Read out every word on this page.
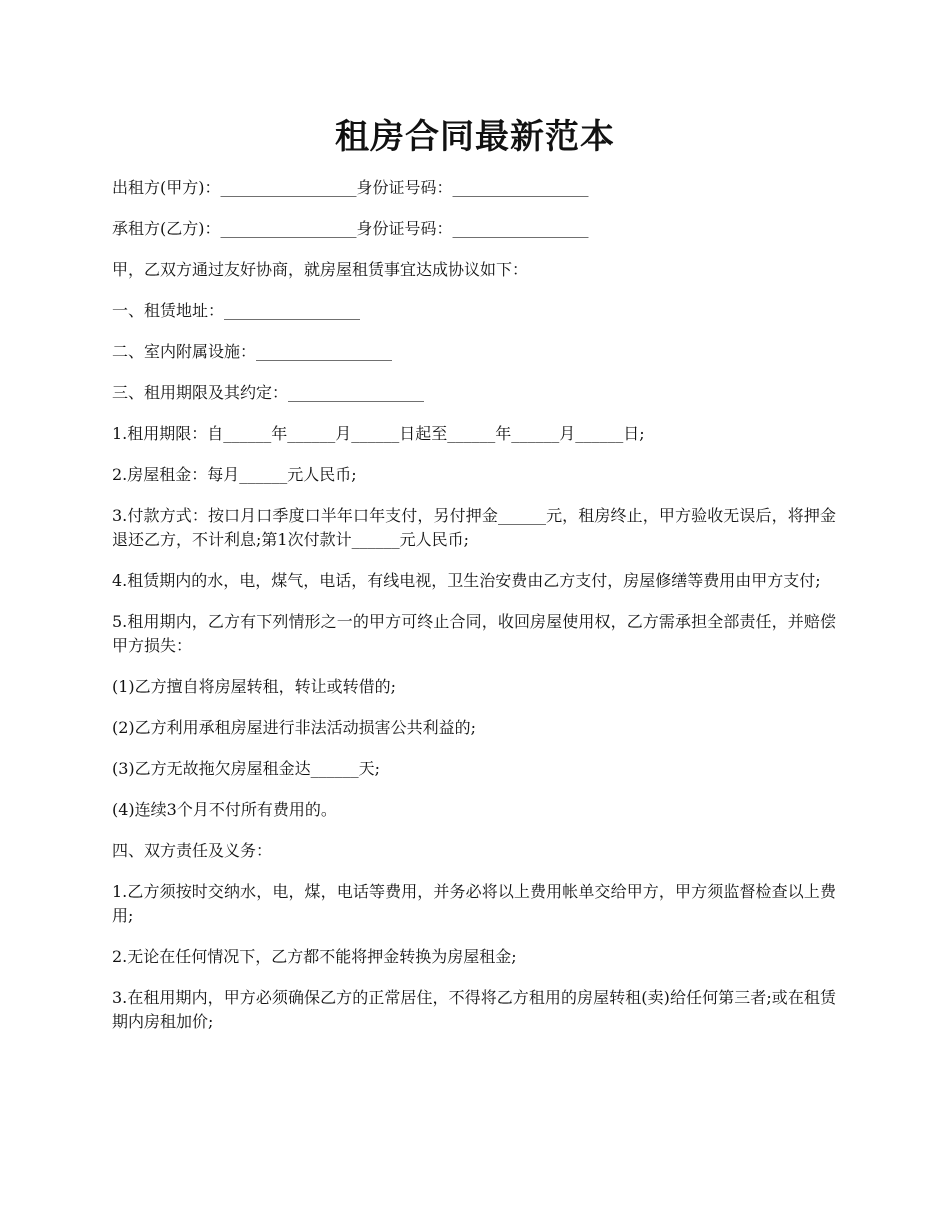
租房合同最新范本

出租方(甲方)：_________________身份证号码：_________________

承租方(乙方)：_________________身份证号码：_________________

甲，乙双方通过友好协商，就房屋租赁事宜达成协议如下：

一、租赁地址：_________________

二、室内附属设施：_________________

三、租用期限及其约定：_________________

1.租用期限：自______年______月______日起至______年______月______日;

2.房屋租金：每月______元人民币;

3.付款方式：按口月口季度口半年口年支付，另付押金______元，租房终止，甲方验收无误后，将押金退还乙方，不计利息;第1次付款计______元人民币;

4.租赁期内的水，电，煤气，电话，有线电视，卫生治安费由乙方支付，房屋修缮等费用由甲方支付;

5.租用期内，乙方有下列情形之一的甲方可终止合同，收回房屋使用权，乙方需承担全部责任，并赔偿甲方损失：

(1)乙方擅自将房屋转租，转让或转借的;

(2)乙方利用承租房屋进行非法活动损害公共利益的;

(3)乙方无故拖欠房屋租金达______天;

(4)连续3个月不付所有费用的。

四、双方责任及义务：

1.乙方须按时交纳水，电，煤，电话等费用，并务必将以上费用帐单交给甲方，甲方须监督检查以上费用;

2.无论在任何情况下，乙方都不能将押金转换为房屋租金;

3.在租用期内，甲方必须确保乙方的正常居住，不得将乙方租用的房屋转租(卖)给任何第三者;或在租赁期内房租加价;
